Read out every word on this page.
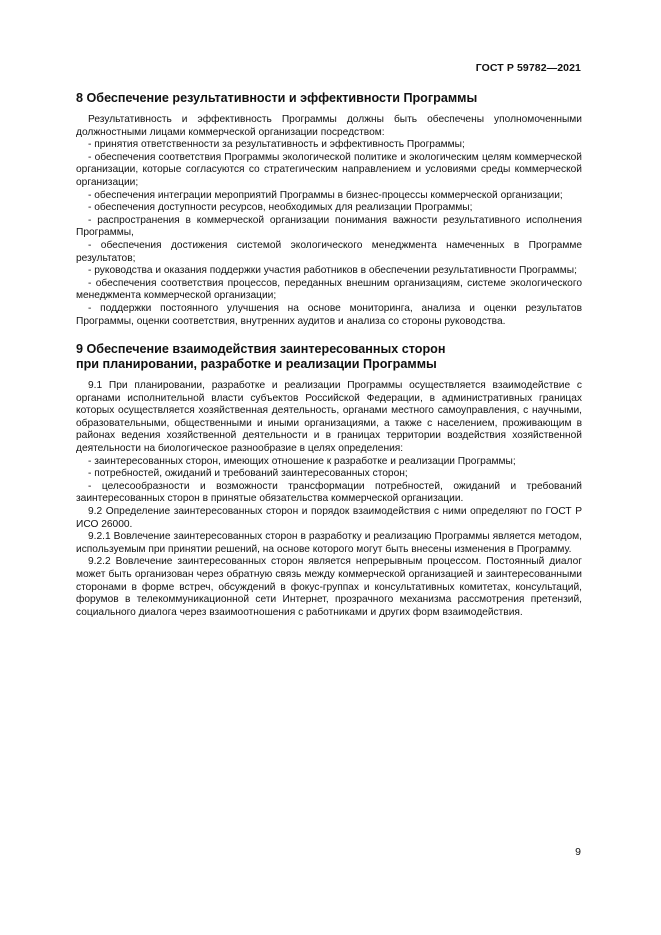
ГОСТ Р 59782—2021
8 Обеспечение результативности и эффективности Программы

Результативность и эффективность Программы должны быть обеспечены уполномоченными должностными лицами коммерческой организации посредством:

- принятия ответственности за результативность и эффективность Программы;

- обеспечения соответствия Программы экологической политике и экологическим целям коммерческой организации, которые согласуются со стратегическим направлением и условиями среды коммерческой организации;

- обеспечения интеграции мероприятий Программы в бизнес-процессы коммерческой организации;

- обеспечения доступности ресурсов, необходимых для реализации Программы;

- распространения в коммерческой организации понимания важности результативного исполнения Программы,

- обеспечения достижения системой экологического менеджмента намеченных в Программе результатов;

- руководства и оказания поддержки участия работников в обеспечении результативности Программы;

- обеспечения соответствия процессов, переданных внешним организациям, системе экологического менеджмента коммерческой организации;

- поддержки постоянного улучшения на основе мониторинга, анализа и оценки результатов Программы, оценки соответствия, внутренних аудитов и анализа со стороны руководства.

9 Обеспечение взаимодействия заинтересованных сторон
при планировании, разработке и реализации Программы

9.1 При планировании, разработке и реализации Программы осуществляется взаимодействие с органами исполнительной власти субъектов Российской Федерации, в административных границах которых осуществляется хозяйственная деятельность, органами местного самоуправления, с научными, образовательными, общественными и иными организациями, а также с населением, проживающим в районах ведения хозяйственной деятельности и в границах территории воздействия хозяйственной деятельности на биологическое разнообразие в целях определения:

- заинтересованных сторон, имеющих отношение к разработке и реализации Программы;

- потребностей, ожиданий и требований заинтересованных сторон;

- целесообразности и возможности трансформации потребностей, ожиданий и требований заинтересованных сторон в принятые обязательства коммерческой организации.

9.2 Определение заинтересованных сторон и порядок взаимодействия с ними определяют по ГОСТ Р ИСО 26000.

9.2.1 Вовлечение заинтересованных сторон в разработку и реализацию Программы является методом, используемым при принятии решений, на основе которого могут быть внесены изменения в Программу.

9.2.2 Вовлечение заинтересованных сторон является непрерывным процессом. Постоянный диалог может быть организован через обратную связь между коммерческой организацией и заинтересованными сторонами в форме встреч, обсуждений в фокус-группах и консультативных комитетах, консультаций, форумов в телекоммуникационной сети Интернет, прозрачного механизма рассмотрения претензий, социального диалога через взаимоотношения с работниками и других форм взаимодействия.

9
